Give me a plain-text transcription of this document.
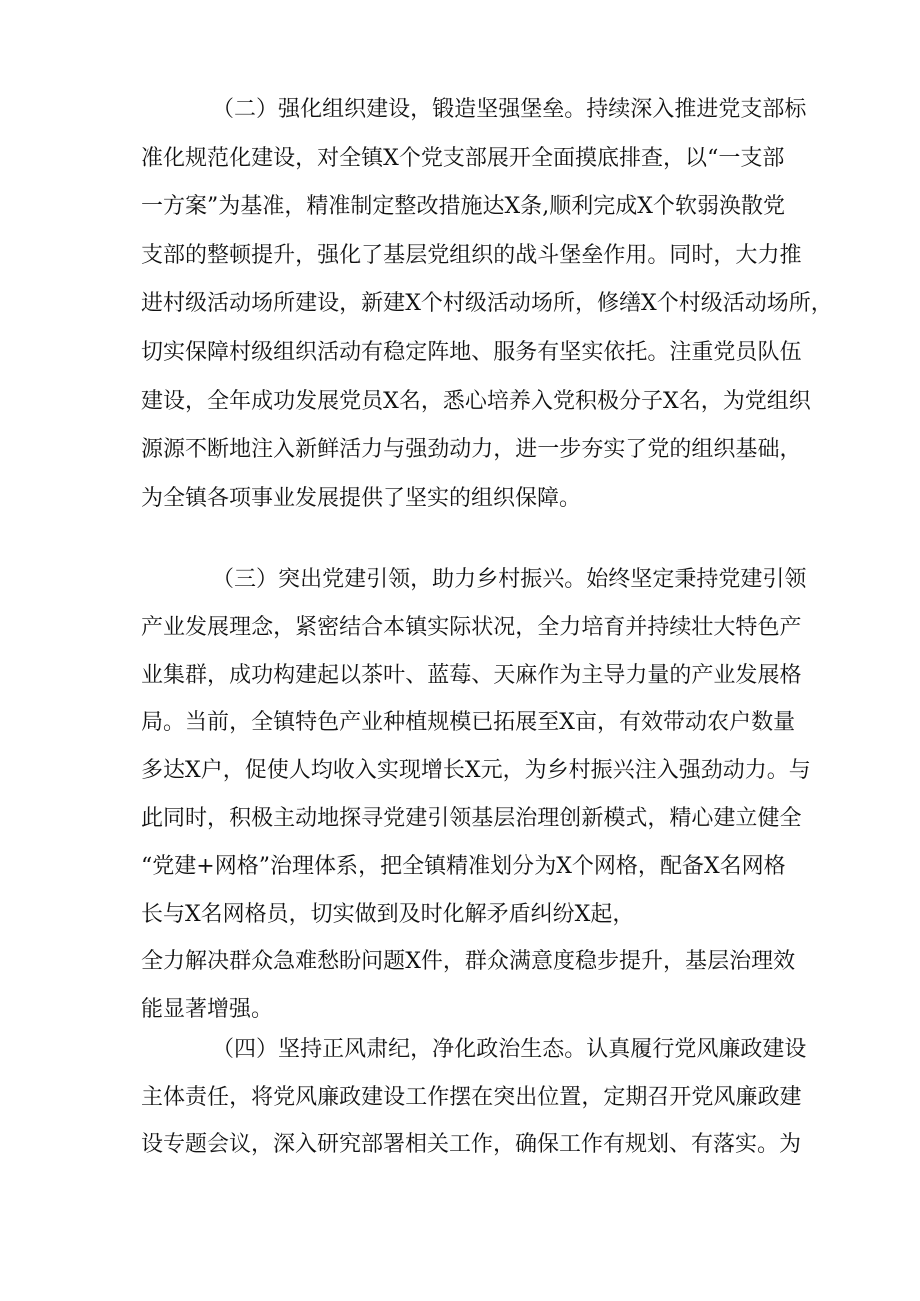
（ 二 ） 强 化 组 织 建 设 ， 锻 造 坚 强 堡 垒 。 持 续 深 入 推 进 党 支 部 标
准 化 规 范 化 建 设 ， 对 全 镇 X 个 党 支 部 展 开 全 面 摸 底 排 查 ， 以 “ 一 支 部
一 方 案 ” 为 基 准 ， 精 准 制 定 整 改 措 施 达 X 条 , 顺 利 完 成 X 个 软 弱 涣 散 党
支 部 的 整 顿 提 升 ， 强 化 了 基 层 党 组 织 的 战 斗 堡 垒 作 用 。 同 时 ， 大 力 推
进 村 级 活 动 场 所 建 设 ， 新 建 X 个 村 级 活 动 场 所 ， 修 缮 X 个 村 级 活 动 场 所 ，
切 实 保 障 村 级 组 织 活 动 有 稳 定 阵 地 、 服 务 有 坚 实 依 托 。 注 重 党 员 队 伍
建 设 ， 全 年 成 功 发 展 党 员 X 名 ， 悉 心 培 养 入 党 积 极 分 子 X 名 ， 为 党 组 织
源 源 不 断 地 注 入 新 鲜 活 力 与 强 劲 动 力 ， 进 一 步 夯 实 了 党 的 组 织 基 础 ，
为全镇各项事业发展提供了坚实的组织保障。
（ 三 ） 突 出 党 建 引 领 ， 助 力 乡 村 振 兴 。 始 终 坚 定 秉 持 党 建 引 领
产 业 发 展 理 念 ， 紧 密 结 合 本 镇 实 际 状 况 ， 全 力 培 育 并 持 续 壮 大 特 色 产
业 集 群 ， 成 功 构 建 起 以 茶 叶 、 蓝 莓 、 天 麻 作 为 主 导 力 量 的 产 业 发 展 格
局 。 当 前 ， 全 镇 特 色 产 业 种 植 规 模 已 拓 展 至 X 亩 ， 有 效 带 动 农 户 数 量
多 达 X 户 ， 促 使 人 均 收 入 实 现 增 长 X 元 ， 为 乡 村 振 兴 注 入 强 劲 动 力 。 与
此 同 时 ， 积 极 主 动 地 探 寻 党 建 引 领 基 层 治 理 创 新 模 式 ， 精 心 建 立 健 全
“ 党 建 + 网 格 ” 治 理 体 系 ， 把 全 镇 精 准 划 分 为 X 个 网 格 ， 配 备 X 名 网 格
长与X名网格员，切实做到及时化解矛盾纠纷X起，
全 力 解 决 群 众 急 难 愁 盼 问 题 X 件 ， 群 众 满 意 度 稳 步 提 升 ， 基 层 治 理 效
能显著增强。
（ 四 ） 坚 持 正 风 肃 纪 ， 净 化 政 治 生 态 。 认 真 履 行 党 风 廉 政 建 设
主 体 责 任 ， 将 党 风 廉 政 建 设 工 作 摆 在 突 出 位 置 ， 定 期 召 开 党 风 廉 政 建
设专题会议，深入研究部署相关工作，确保工作有规划、有落实。为
